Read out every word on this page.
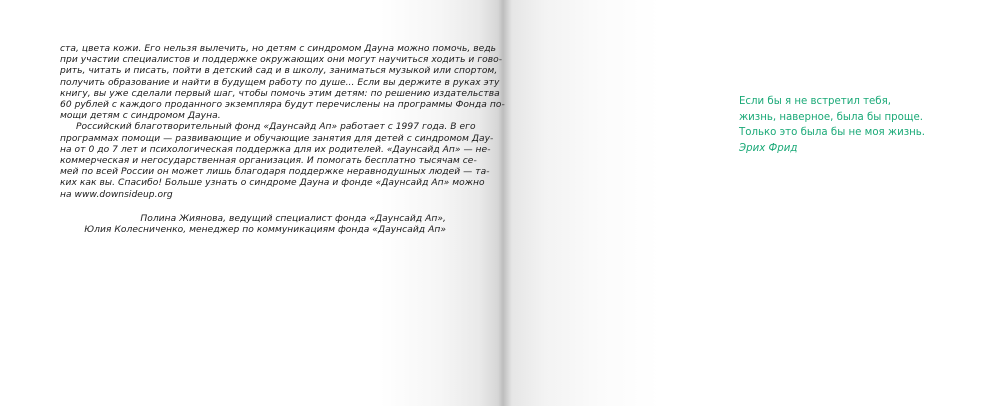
ста, цвета кожи. Его нельзя вылечить, но детям с синдромом Дауна можно помочь, ведь

при участии специалистов и поддержке окружающих они могут научиться ходить и гово-

рить, читать и писать, пойти в детский сад и в школу, заниматься музыкой или спортом,

получить образование и найти в будущем работу по душе... Если вы держите в руках эту

книгу, вы уже сделали первый шаг, чтобы помочь этим детям: по решению издательства

60 рублей с каждого проданного экземпляра будут перечислены на программы Фонда по-

мощи детям с синдромом Дауна.

Российский благотворительный фонд «Даунсайд Ап» работает с 1997 года. В его

программах помощи — развивающие и обучающие занятия для детей с синдромом Дау-

на от 0 до 7 лет и психологическая поддержка для их родителей. «Даунсайд Ап» — не-

коммерческая и негосударственная организация. И помогать бесплатно тысячам се-

мей по всей России он может лишь благодаря поддержке неравнодушных людей — та-

ких как вы. Спасибо! Больше узнать о синдроме Дауна и фонде «Даунсайд Ап» можно

на www.downsideup.org

Полина Жиянова, ведущий специалист фонда «Даунсайд Ап»,

Юлия Колесниченко, менеджер по коммуникациям фонда «Даунсайд Ап»

Если бы я не встретил тебя,

жизнь, наверное, была бы проще.

Только это была бы не моя жизнь.

Эрих Фрид
